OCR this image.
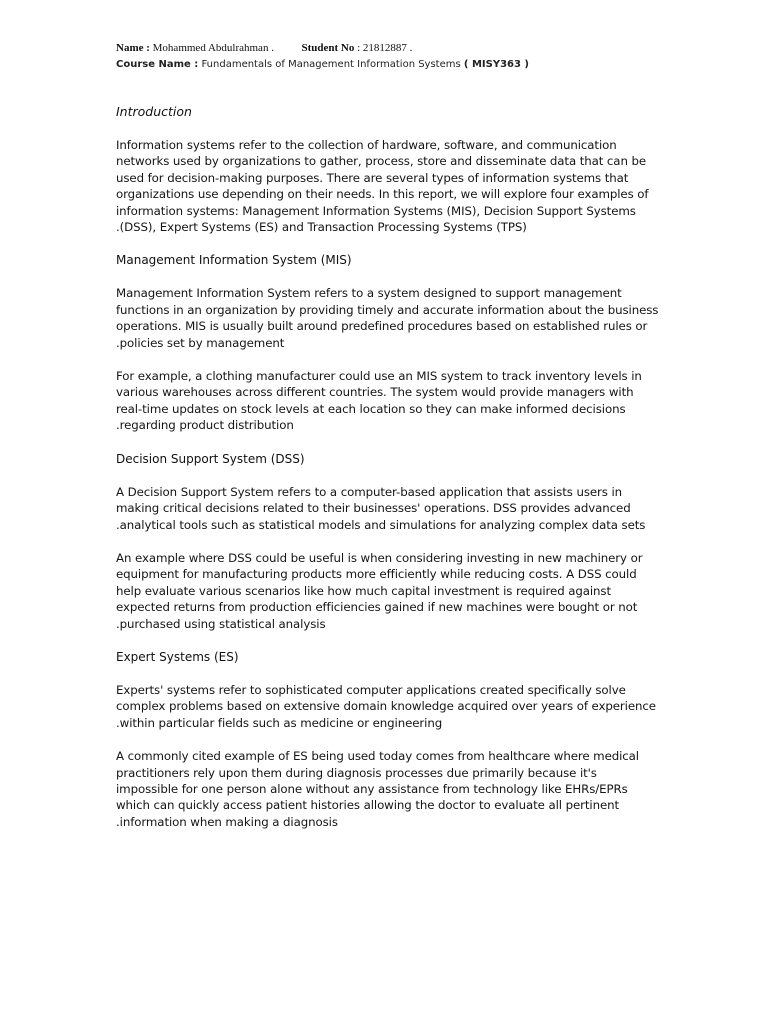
Name : Mohammed Abdulrahman .	Student No : 21812887 .
Course Name : Fundamentals of Management Information Systems ( MISY363 )
Introduction
Information systems refer to the collection of hardware, software, and communication
networks used by organizations to gather, process, store and disseminate data that can be
used for decision-making purposes. There are several types of information systems that
organizations use depending on their needs. In this report, we will explore four examples of
information systems: Management Information Systems (MIS), Decision Support Systems
.(DSS), Expert Systems (ES) and Transaction Processing Systems (TPS)
Management Information System (MIS)
Management Information System refers to a system designed to support management
functions in an organization by providing timely and accurate information about the business
operations. MIS is usually built around predefined procedures based on established rules or
.policies set by management
For example, a clothing manufacturer could use an MIS system to track inventory levels in
various warehouses across different countries. The system would provide managers with
real-time updates on stock levels at each location so they can make informed decisions
.regarding product distribution
Decision Support System (DSS)
A Decision Support System refers to a computer-based application that assists users in
making critical decisions related to their businesses' operations. DSS provides advanced
.analytical tools such as statistical models and simulations for analyzing complex data sets
An example where DSS could be useful is when considering investing in new machinery or
equipment for manufacturing products more efficiently while reducing costs. A DSS could
help evaluate various scenarios like how much capital investment is required against
expected returns from production efficiencies gained if new machines were bought or not
.purchased using statistical analysis
Expert Systems (ES)
Experts' systems refer to sophisticated computer applications created specifically solve
complex problems based on extensive domain knowledge acquired over years of experience
.within particular fields such as medicine or engineering
A commonly cited example of ES being used today comes from healthcare where medical
practitioners rely upon them during diagnosis processes due primarily because it's
impossible for one person alone without any assistance from technology like EHRs/EPRs
which can quickly access patient histories allowing the doctor to evaluate all pertinent
.information when making a diagnosis
